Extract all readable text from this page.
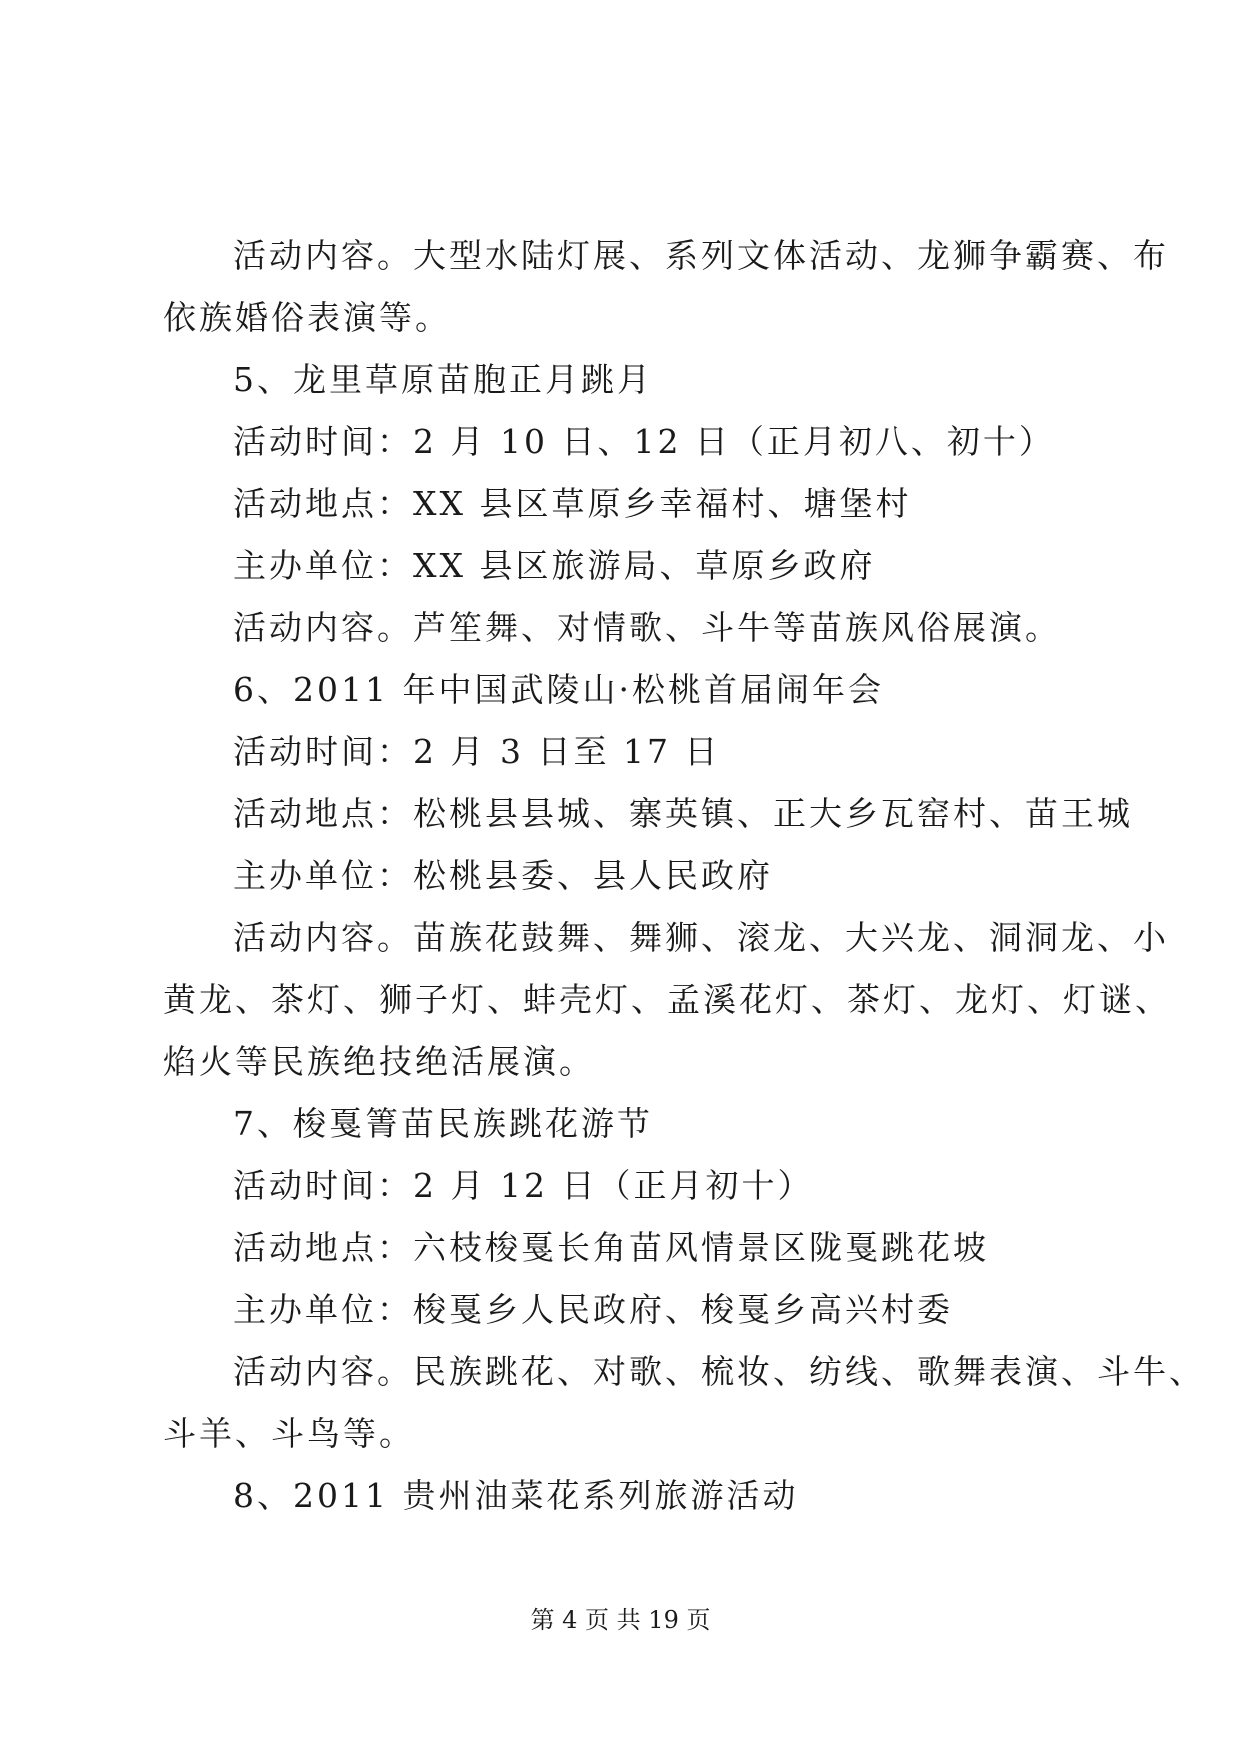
活动内容。大型水陆灯展、系列文体活动、龙狮争霸赛、布
依族婚俗表演等。
5、龙里草原苗胞正月跳月
活动时间：2 月 10 日、12 日（正月初八、初十）
活动地点：XX 县区草原乡幸福村、塘堡村
主办单位：XX 县区旅游局、草原乡政府
活动内容。芦笙舞、对情歌、斗牛等苗族风俗展演。
6、2011 年中国武陵山·松桃首届闹年会
活动时间：2 月 3 日至 17 日
活动地点：松桃县县城、寨英镇、正大乡瓦窑村、苗王城
主办单位：松桃县委、县人民政府
活动内容。苗族花鼓舞、舞狮、滚龙、大兴龙、洞洞龙、小
黄龙、茶灯、狮子灯、蚌壳灯、孟溪花灯、茶灯、龙灯、灯谜、
焰火等民族绝技绝活展演。
7、梭戛箐苗民族跳花游节
活动时间：2 月 12 日（正月初十）
活动地点：六枝梭戛长角苗风情景区陇戛跳花坡
主办单位：梭戛乡人民政府、梭戛乡高兴村委
活动内容。民族跳花、对歌、梳妆、纺线、歌舞表演、斗牛、
斗羊、斗鸟等。
8、2011 贵州油菜花系列旅游活动
第 4 页 共 19 页
